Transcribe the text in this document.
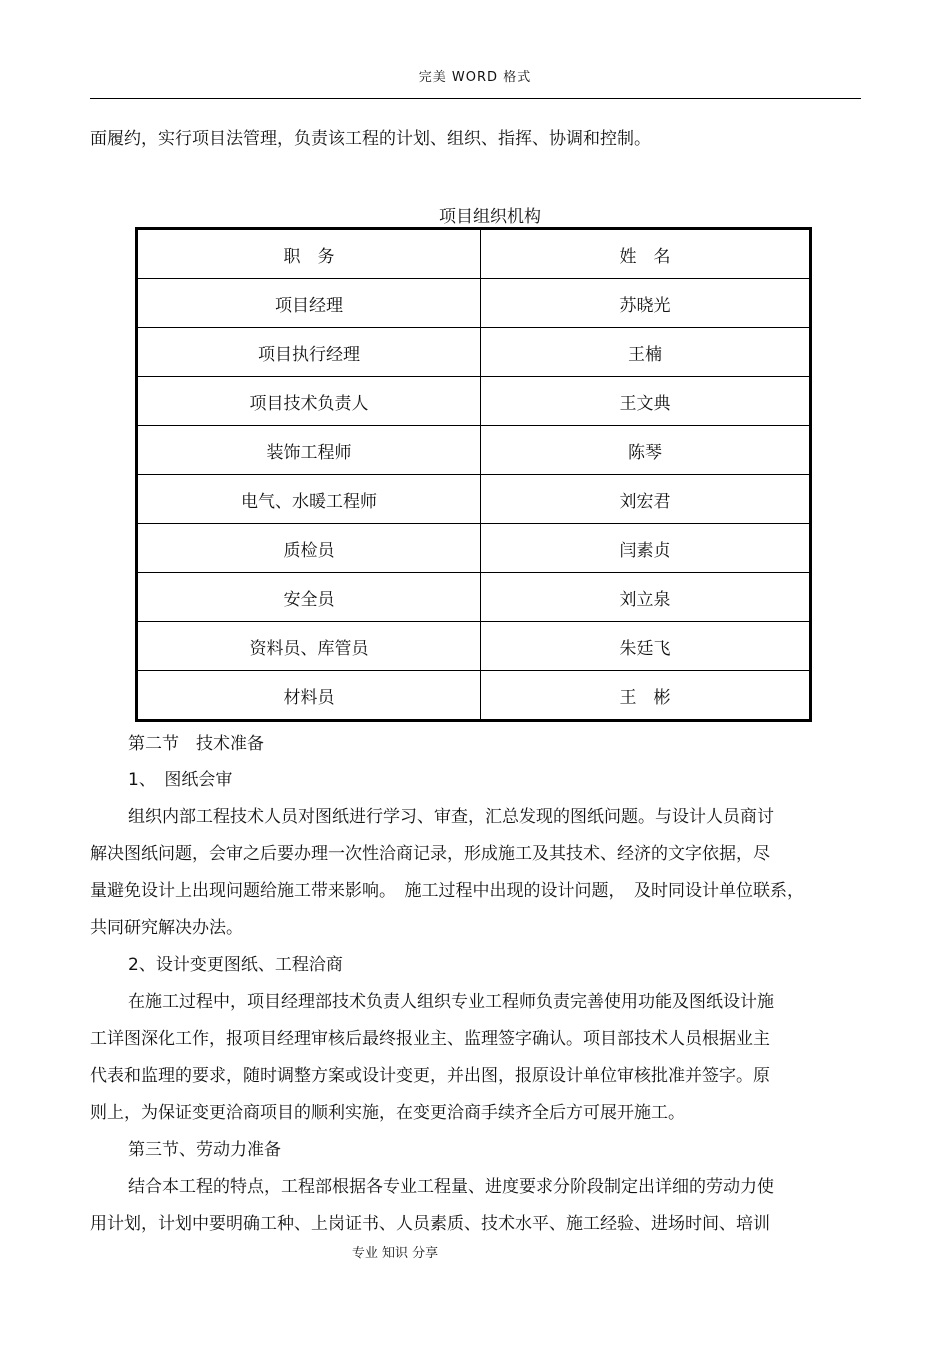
完美 WORD 格式
面履约，实行项目法管理，负责该工程的计划、组织、指挥、协调和控制。
项目组织机构
职　务	姓　名
项目经理	苏晓光
项目执行经理	王楠
项目技术负责人	王文典
装饰工程师	陈琴
电气、水暖工程师	刘宏君
质检员	闫素贞
安全员	刘立泉
资料员、库管员	朱廷飞
材料员	王　彬
第二节　技术准备
1、　图纸会审
组织内部工程技术人员对图纸进行学习、审查，汇总发现的图纸问题。与设计人员商讨
解决图纸问题，会审之后要办理一次性洽商记录，形成施工及其技术、经济的文字依据，尽
量避免设计上出现问题给施工带来影响。　施工过程中出现的设计问题，　及时同设计单位联系，
共同研究解决办法。
2、设计变更图纸、工程洽商
在施工过程中，项目经理部技术负责人组织专业工程师负责完善使用功能及图纸设计施
工详图深化工作，报项目经理审核后最终报业主、监理签字确认。项目部技术人员根据业主
代表和监理的要求，随时调整方案或设计变更，并出图，报原设计单位审核批准并签字。原
则上，为保证变更洽商项目的顺利实施，在变更洽商手续齐全后方可展开施工。
第三节、劳动力准备
结合本工程的特点，工程部根据各专业工程量、进度要求分阶段制定出详细的劳动力使
用计划，计划中要明确工种、上岗证书、人员素质、技术水平、施工经验、进场时间、培训
专业 知识 分享
